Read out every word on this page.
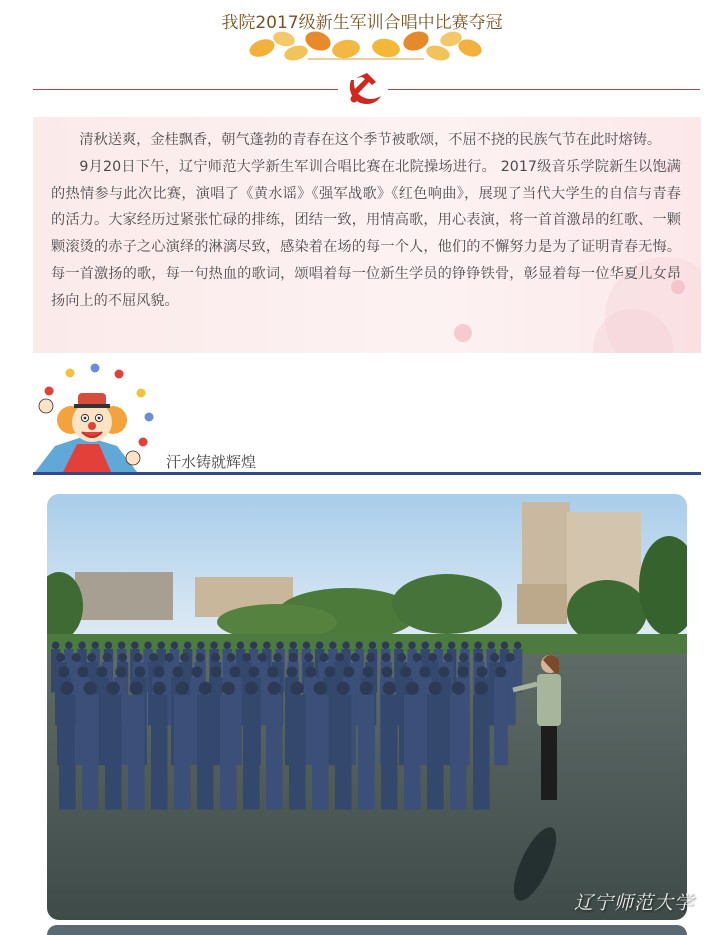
我院2017级新生军训合唱中比赛夺冠

清秋送爽，金桂飘香，朝气蓬勃的青春在这个季节被歌颂，不屈不挠的民族气节在此时熔铸。

9月20日下午，辽宁师范大学新生军训合唱比赛在北院操场进行。 2017级音乐学院新生以饱满的热情参与此次比赛，演唱了《黄水谣》《强军战歌》《红色响曲》，展现了当代大学生的自信与青春的活力。大家经历过紧张忙碌的排练，团结一致，用情高歌，用心表演，将一首首激昂的红歌、一颗颗滚烫的赤子之心演绎的淋漓尽致，感染着在场的每一个人，他们的不懈努力是为了证明青春无悔。每一首激扬的歌，每一句热血的歌词，颂唱着每一位新生学员的铮铮铁骨，彰显着每一位华夏儿女昂扬向上的不屈风貌。

汗水铸就辉煌
辽宁师范大学
